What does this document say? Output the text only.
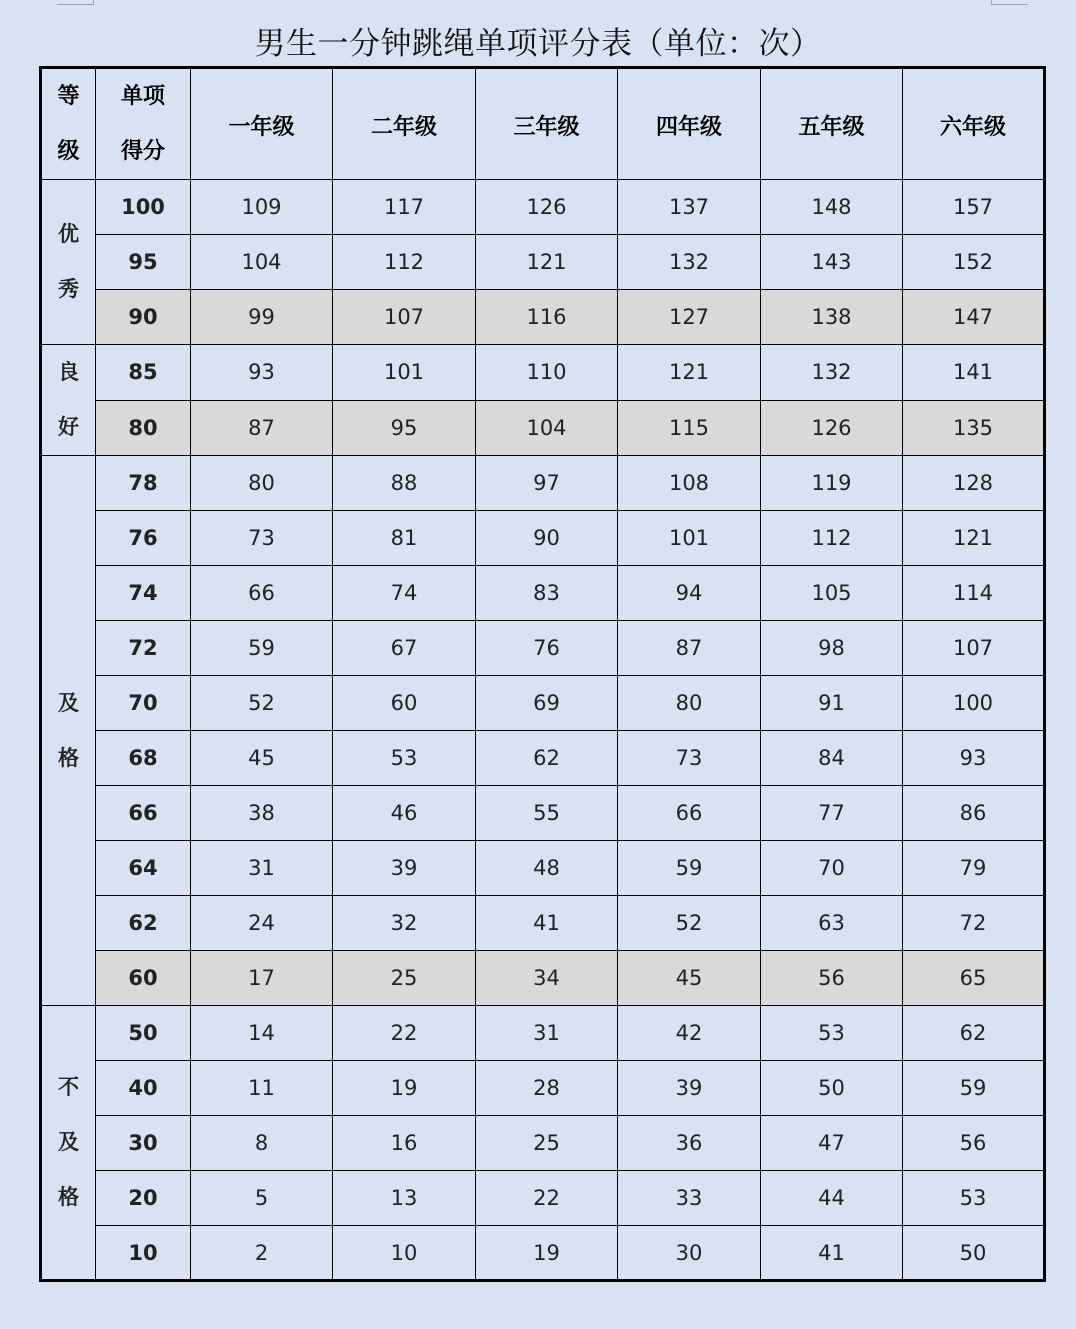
男生一分钟跳绳单项评分表（单位：次）
等
级	单项
得分	一年级	二年级	三年级	四年级	五年级	六年级

优
秀	100	109	117	126	137	148	157
	95	104	112	121	132	143	152
	90	99	107	116	127	138	147

良
好	85	93	101	110	121	132	141
	80	87	95	104	115	126	135

及
格	78	80	88	97	108	119	128
	76	73	81	90	101	112	121
	74	66	74	83	94	105	114
	72	59	67	76	87	98	107
	70	52	60	69	80	91	100
	68	45	53	62	73	84	93
	66	38	46	55	66	77	86
	64	31	39	48	59	70	79
	62	24	32	41	52	63	72
	60	17	25	34	45	56	65

不
及
格	50	14	22	31	42	53	62
	40	11	19	28	39	50	59
	30	8	16	25	36	47	56
	20	5	13	22	33	44	53
	10	2	10	19	30	41	50
